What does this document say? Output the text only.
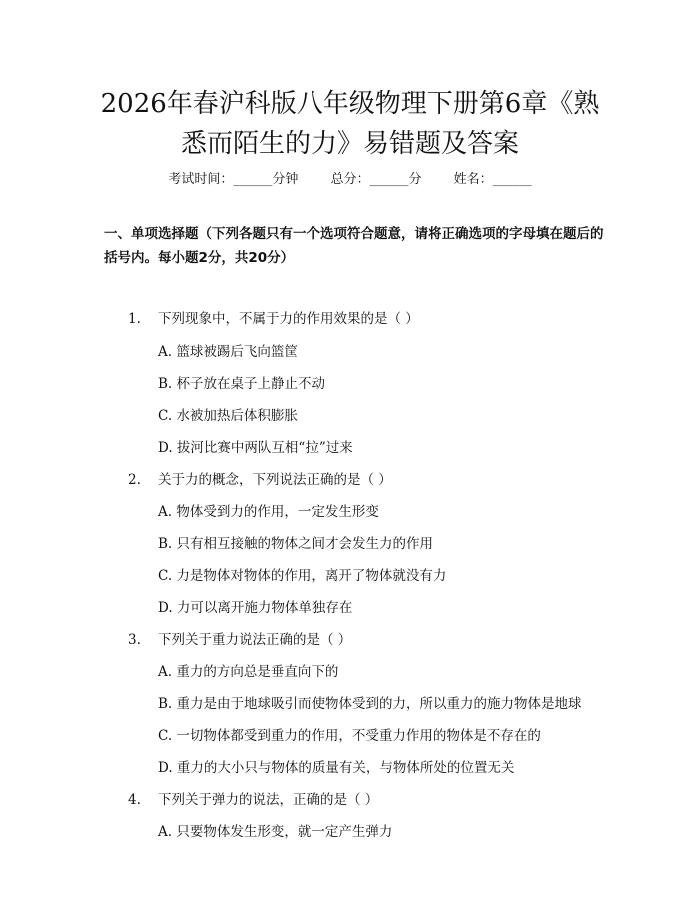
2026年春沪科版八年级物理下册第6章《熟
悉而陌生的力》易错题及答案
考试时间：______分钟 总分：______分 姓名：______
一、单项选择题（下列各题只有一个选项符合题意，请将正确选项的字母填在题后的括号内。每小题2分，共20分）
1. 下列现象中，不属于力的作用效果的是（ ）
A. 篮球被踢后飞向篮筐
B. 杯子放在桌子上静止不动
C. 水被加热后体积膨胀
D. 拔河比赛中两队互相“拉”过来
2. 关于力的概念，下列说法正确的是（ ）
A. 物体受到力的作用，一定发生形变
B. 只有相互接触的物体之间才会发生力的作用
C. 力是物体对物体的作用，离开了物体就没有力
D. 力可以离开施力物体单独存在
3. 下列关于重力说法正确的是（ ）
A. 重力的方向总是垂直向下的
B. 重力是由于地球吸引而使物体受到的力，所以重力的施力物体是地球
C. 一切物体都受到重力的作用，不受重力作用的物体是不存在的
D. 重力的大小只与物体的质量有关，与物体所处的位置无关
4. 下列关于弹力的说法，正确的是（ ）
A. 只要物体发生形变，就一定产生弹力
